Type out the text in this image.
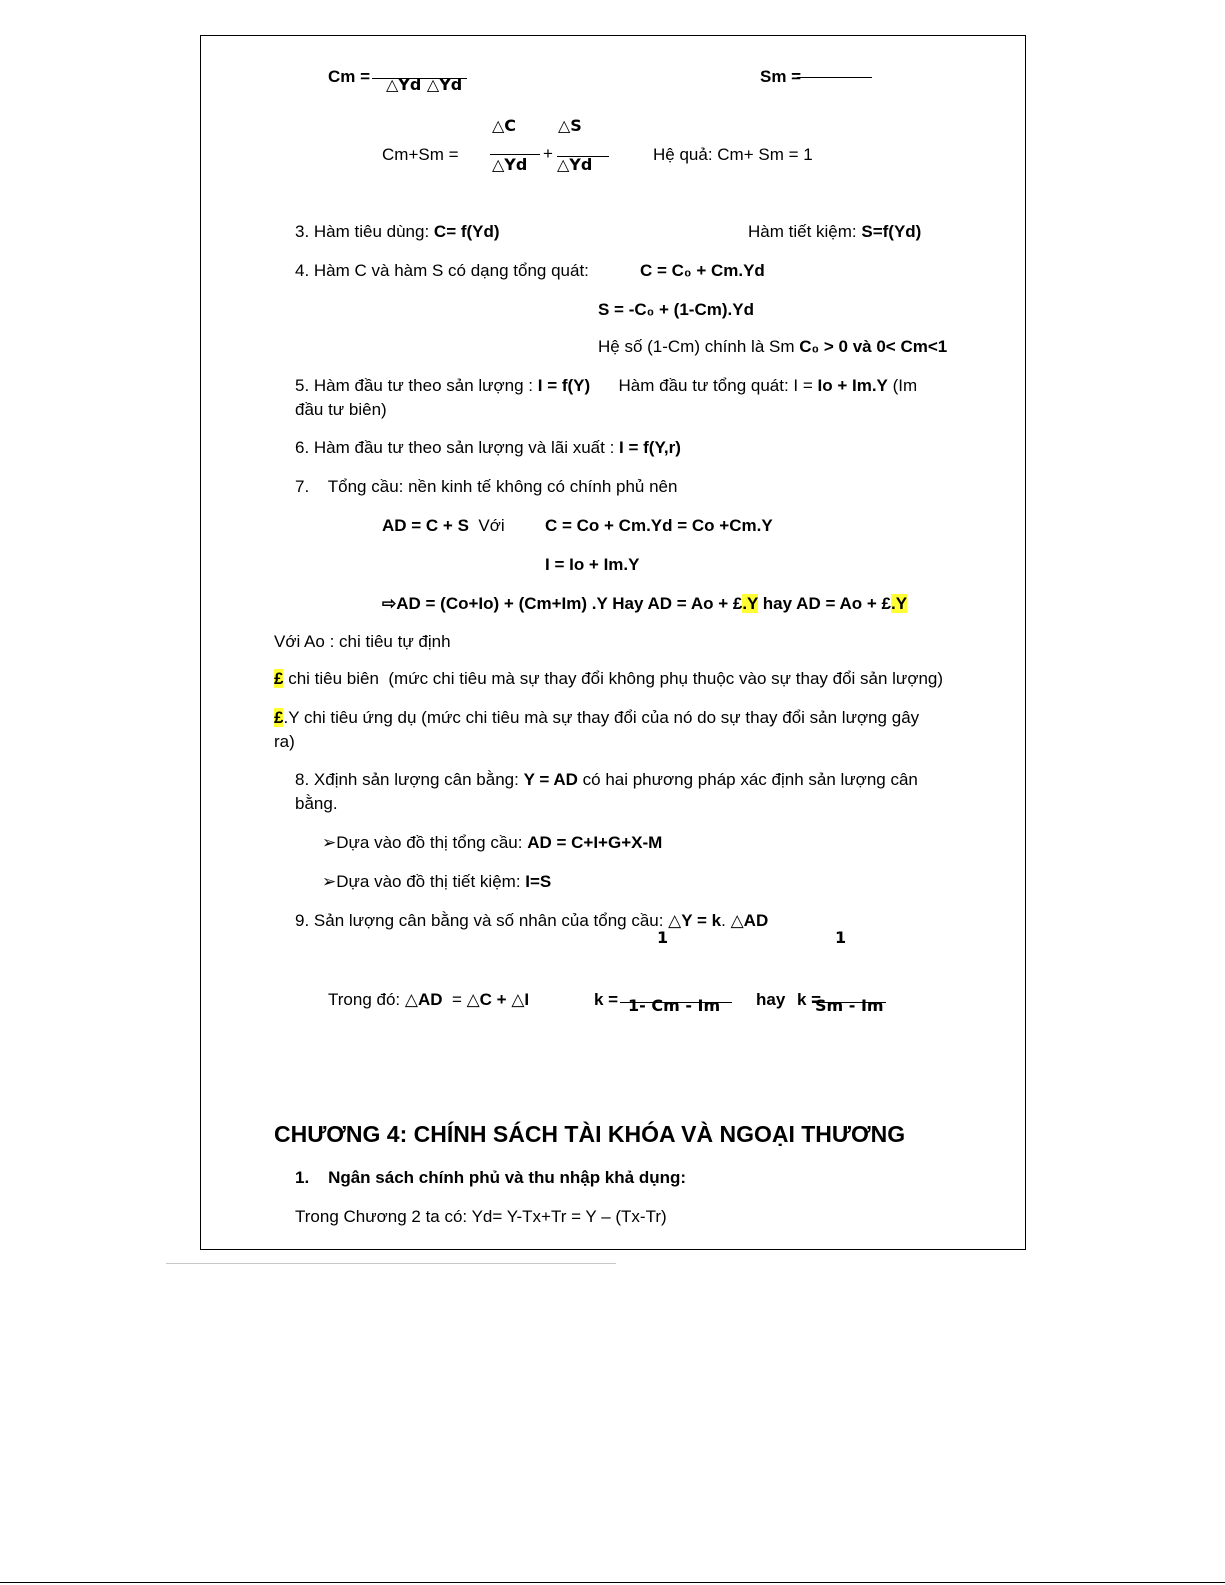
Cm = △Yd △Yd	Sm =
△C	△S
Cm+Sm =	+
△Yd △Yd
Hệ quả: Cm+ Sm = 1
3. Hàm tiêu dùng: C= f(Yd)	Hàm tiết kiệm: S=f(Yd)
4. Hàm C và hàm S có dạng tổng quát:	C = C₀ + Cm.Yd
S = -C₀ + (1-Cm).Yd
Hệ số (1-Cm) chính là Sm C₀ > 0 và 0< Cm<1
5. Hàm đầu tư theo sản lượng : I = f(Y)      Hàm đầu tư tổng quát: I = Io + Im.Y (Im
đầu tư biên)
6. Hàm đầu tư theo sản lượng và lãi xuất : I = f(Y,r)
7.    Tổng cầu: nền kinh tế không có chính phủ nên
AD = C + S  Với C = Co + Cm.Yd = Co +Cm.Y
I = Io + Im.Y
⇨AD = (Co+Io) + (Cm+Im) .Y Hay AD = Ao + £.Y hay AD = Ao + £.Y
Với Ao : chi tiêu tự định
£ chi tiêu biên  (mức chi tiêu mà sự thay đổi không phụ thuộc vào sự thay đổi sản lượng)
£.Y chi tiêu ứng dụ (mức chi tiêu mà sự thay đổi của nó do sự thay đổi sản lượng gây
ra)
8. Xđịnh sản lượng cân bằng: Y = AD có hai phương pháp xác định sản lượng cân
bằng.
➢Dựa vào đồ thị tổng cầu: AD = C+I+G+X-M
➢Dựa vào đồ thị tiết kiệm: I=S
9. Sản lượng cân bằng và số nhân của tổng cầu: △Y = k. △AD
1	1
Trong đó: △AD  = △C + △I	k = 1- Cm - Im hay k =
Sm - Im
CHƯƠNG 4: CHÍNH SÁCH TÀI KHÓA VÀ NGOẠI THƯƠNG
1.    Ngân sách chính phủ và thu nhập khả dụng:
Trong Chương 2 ta có: Yd= Y-Tx+Tr = Y – (Tx-Tr)
